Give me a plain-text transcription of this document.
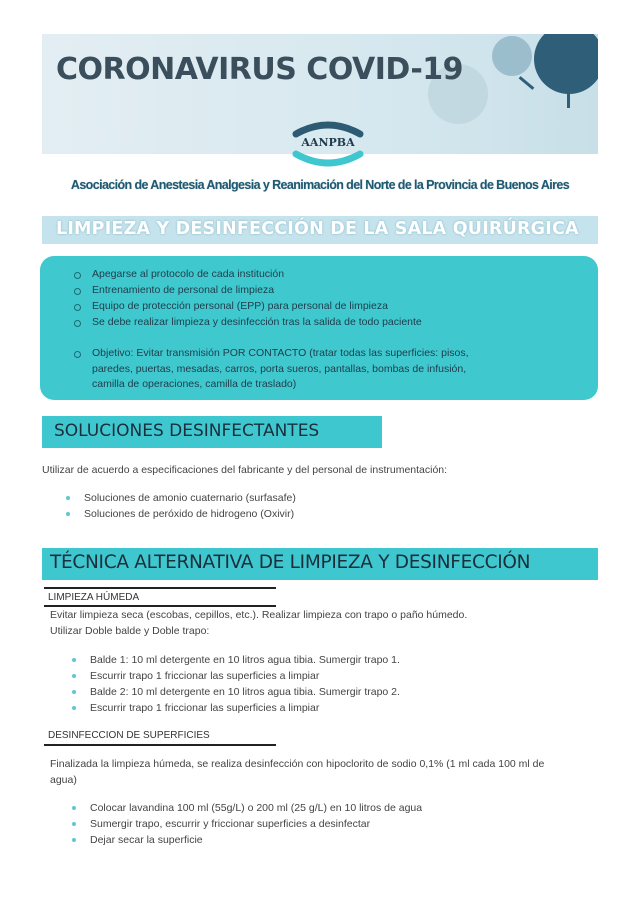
CORONAVIRUS COVID-19
AANPBA
Asociación de Anestesia Analgesia y Reanimación del Norte de la Provincia de Buenos Aires
LIMPIEZA Y DESINFECCIÓN DE LA SALA QUIRÚRGICA
Apegarse al protocolo de cada institución
Entrenamiento de personal de limpieza
Equipo de protección personal (EPP) para personal de limpieza
Se debe realizar limpieza y desinfección tras la salida de todo paciente
Objetivo: Evitar transmisión POR CONTACTO (tratar todas las superficies: pisos, paredes, puertas, mesadas, carros, porta sueros, pantallas, bombas de infusión, camilla de operaciones, camilla de traslado)
SOLUCIONES DESINFECTANTES
Utilizar de acuerdo a especificaciones del fabricante y del personal de instrumentación:
Soluciones de amonio cuaternario (surfasafe)
Soluciones de peróxido de hidrogeno (Oxivir)
TÉCNICA ALTERNATIVA DE LIMPIEZA Y DESINFECCIÓN
LIMPIEZA HÚMEDA
Evitar limpieza seca (escobas, cepillos, etc.). Realizar limpieza con trapo o paño húmedo.
Utilizar Doble balde y Doble trapo:
Balde 1: 10 ml detergente en 10 litros agua tibia. Sumergir trapo 1.
Escurrir trapo 1 friccionar las superficies a limpiar
Balde 2: 10 ml detergente en 10 litros agua tibia. Sumergir trapo 2.
Escurrir trapo 1 friccionar las superficies a limpiar
DESINFECCION DE SUPERFICIES
Finalizada la limpieza húmeda, se realiza desinfección con hipoclorito de sodio 0,1% (1 ml cada 100 ml de agua)
Colocar lavandina 100 ml (55g/L) o 200 ml (25 g/L) en 10 litros de agua
Sumergir trapo, escurrir y friccionar superficies a desinfectar
Dejar secar la superficie
